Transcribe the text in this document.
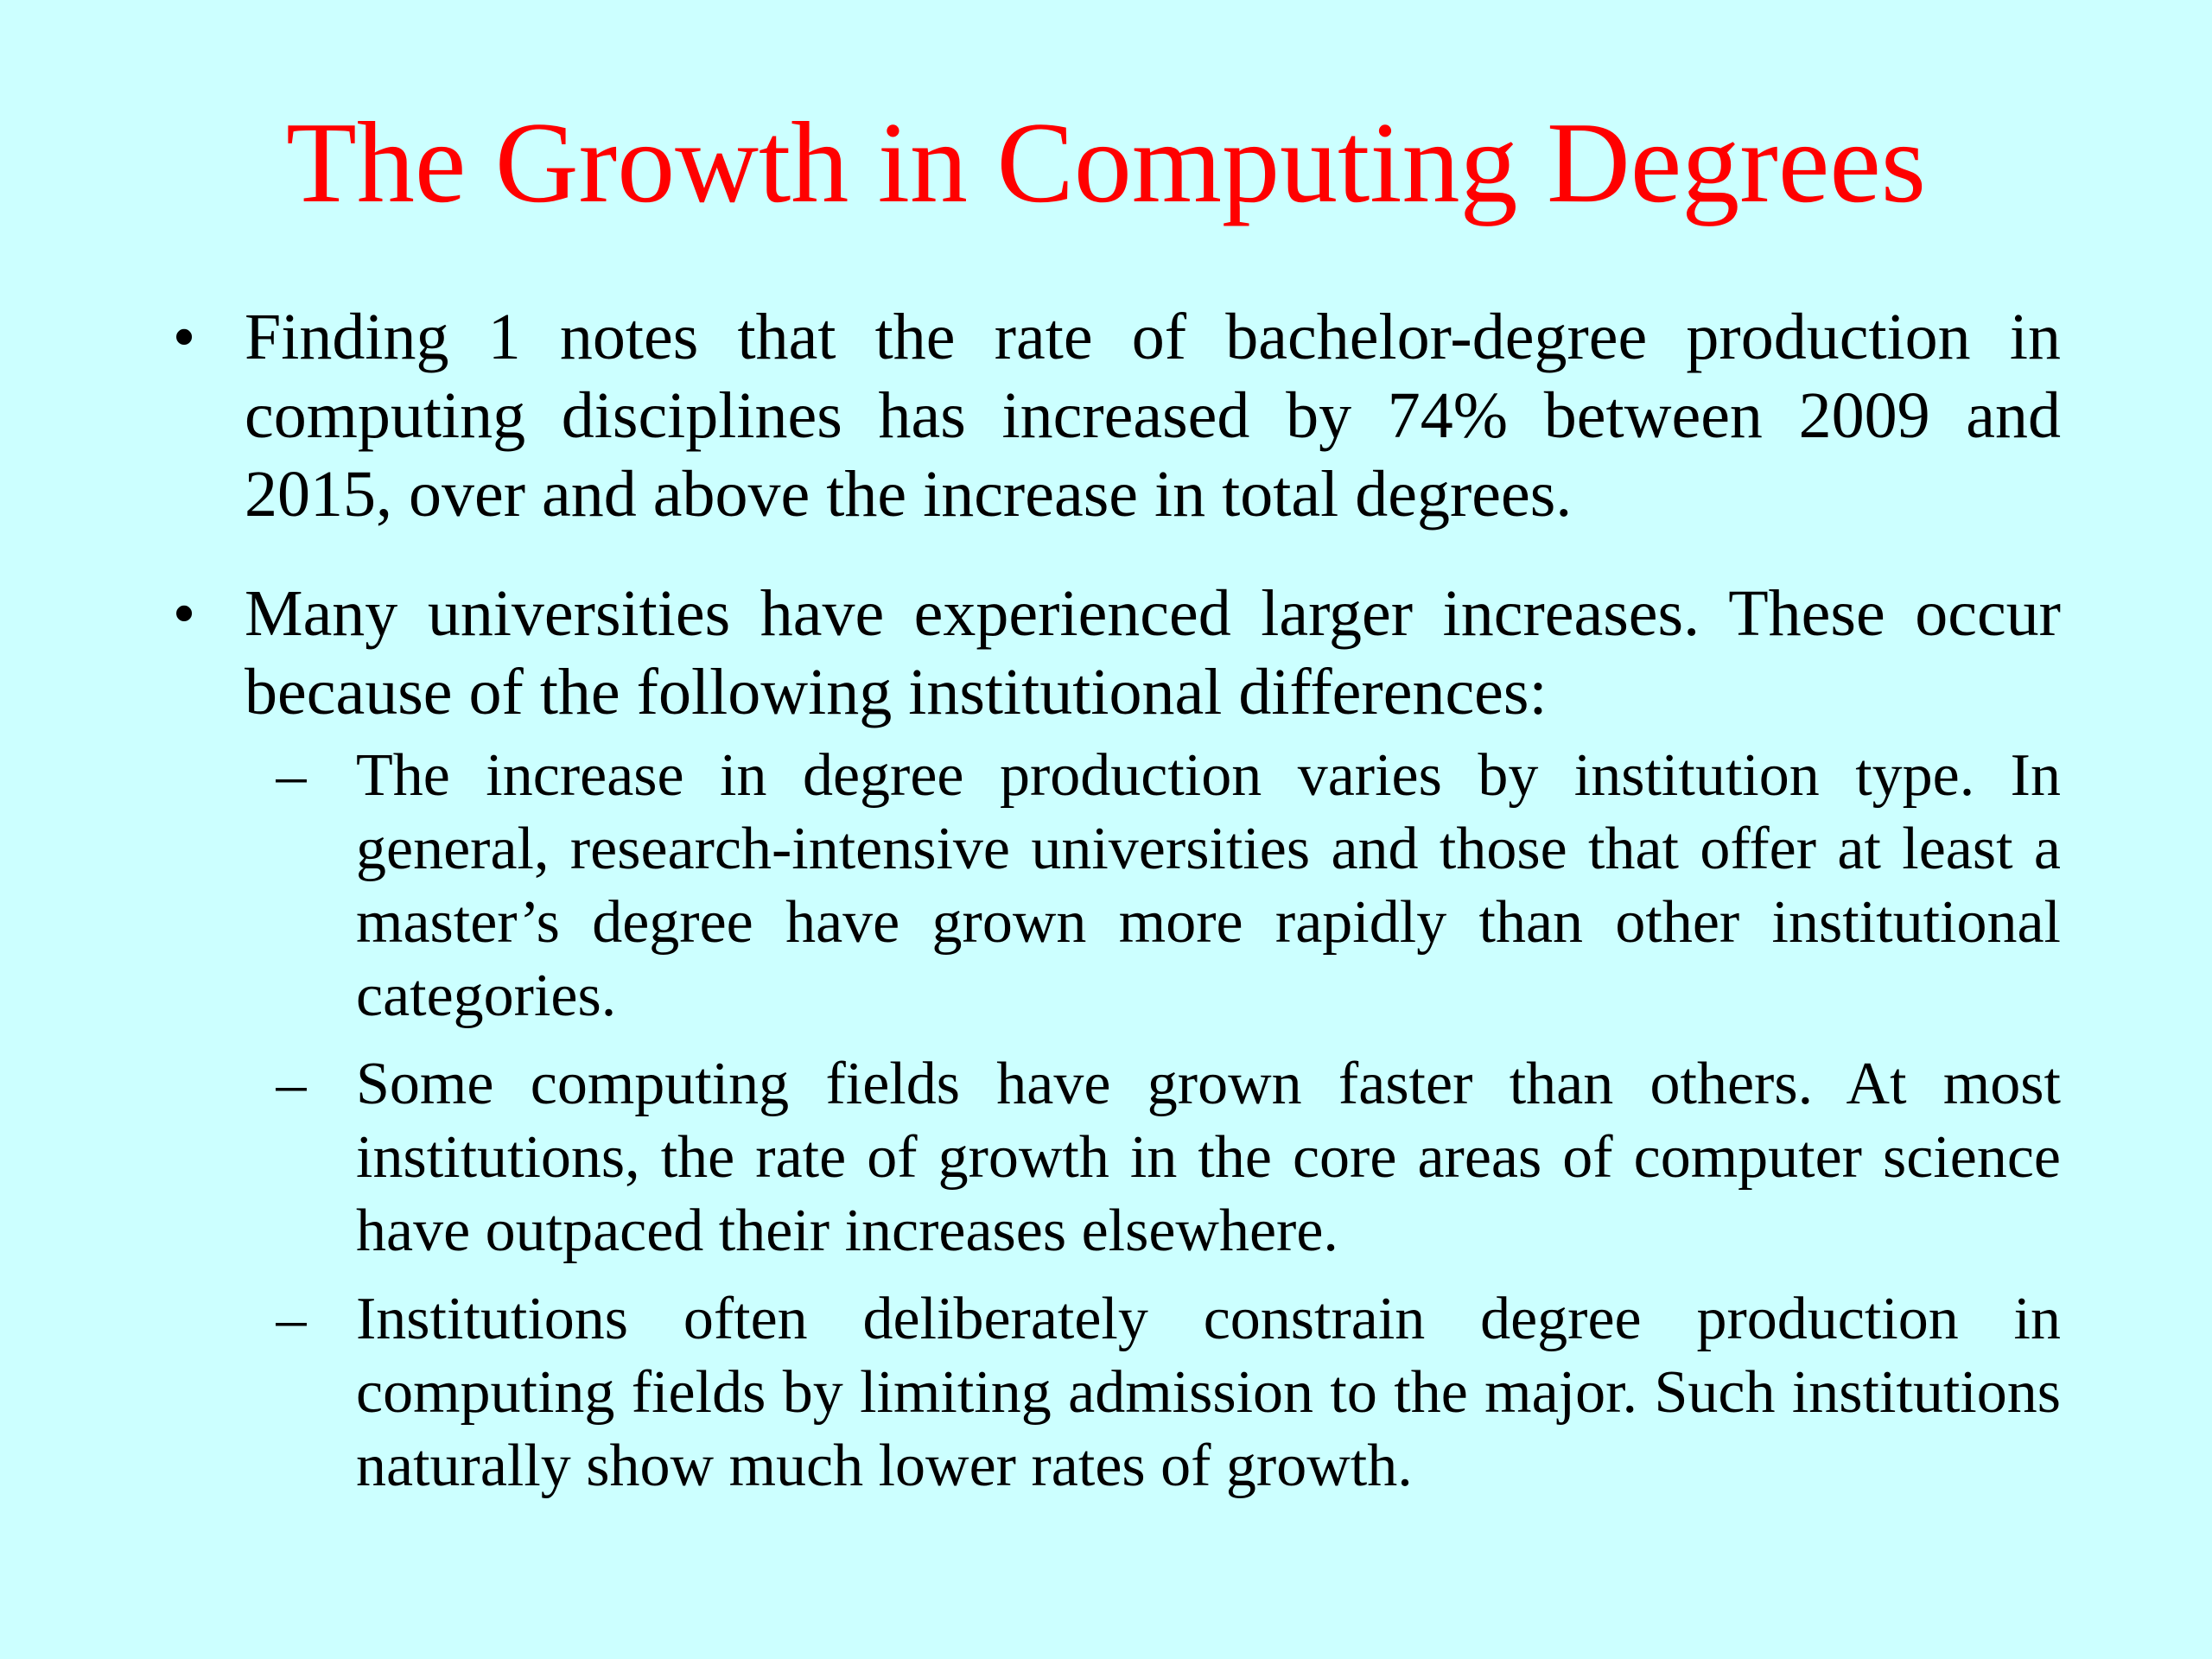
The Growth in Computing Degrees
• Finding 1 notes that the rate of bachelor-degree production in computing disciplines has increased by 74% between 2009 and 2015, over and above the increase in total degrees.
• Many universities have experienced larger increases. These occur because of the following institutional differences:
– The increase in degree production varies by institution type. In general, research-intensive universities and those that offer at least a master’s degree have grown more rapidly than other institutional categories.
– Some computing fields have grown faster than others. At most institutions, the rate of growth in the core areas of computer science have outpaced their increases elsewhere.
– Institutions often deliberately constrain degree production in computing fields by limiting admission to the major. Such institutions naturally show much lower rates of growth.
